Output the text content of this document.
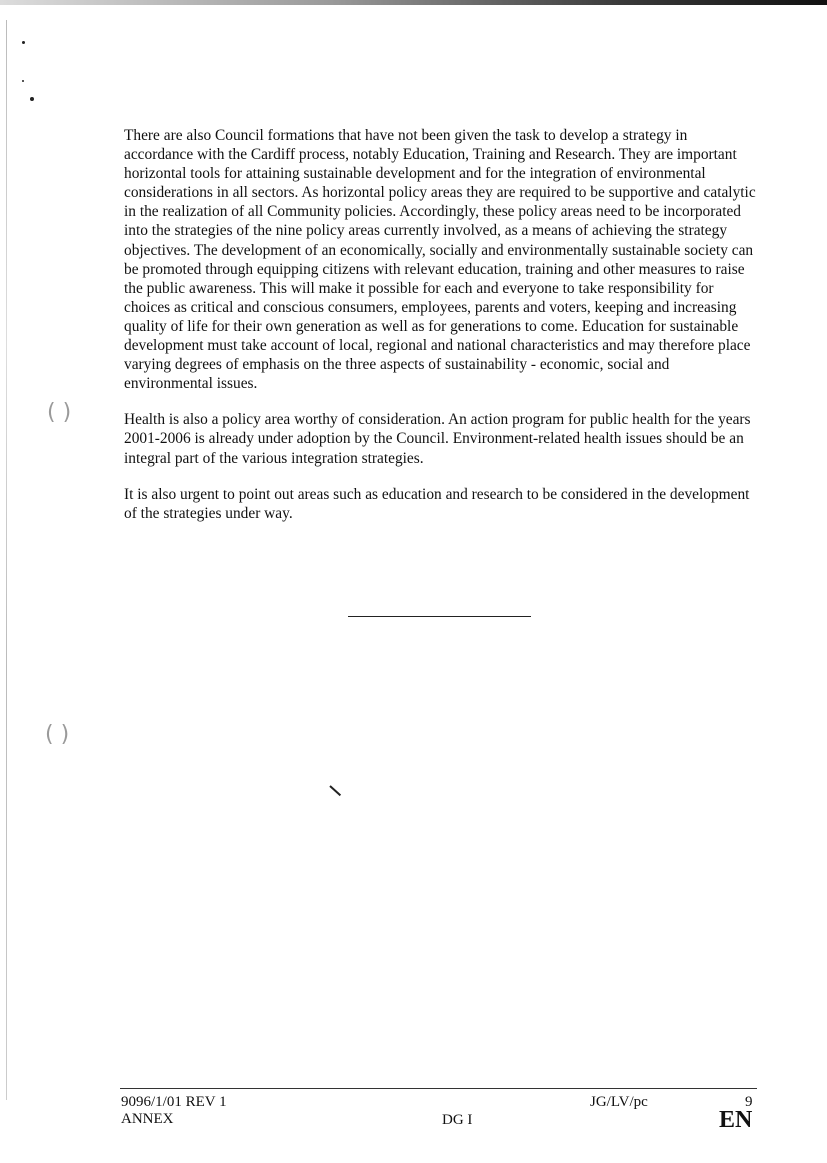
( )
( )

There are also Council formations that have not been given the task to develop a strategy in accordance with the Cardiff process, notably Education, Training and Research. They are important horizontal tools for attaining sustainable development and for the integration of environmental considerations in all sectors. As horizontal policy areas they are required to be supportive and catalytic in the realization of all Community policies. Accordingly, these policy areas need to be incorporated into the strategies of the nine policy areas currently involved, as a means of achieving the strategy objectives. The development of an economically, socially and environmentally sustainable society can be promoted through equipping citizens with relevant education, training and other measures to raise the public awareness. This will make it possible for each and everyone to take responsibility for choices as critical and conscious consumers, employees, parents and voters, keeping and increasing quality of life for their own generation as well as for generations to come. Education for sustainable development must take account of local, regional and national characteristics and may therefore place varying degrees of emphasis on the three aspects of sustainability - economic, social and environmental issues.

Health is also a policy area worthy of consideration. An action program for public health for the years 2001-2006 is already under adoption by the Council. Environment-related health issues should be an integral part of the various integration strategies.

It is also urgent to point out areas such as education and research to be considered in the development of the strategies under way.

9096/1/01 REV 1
ANNEX	DG I
JG/LV/pc	9
EN
